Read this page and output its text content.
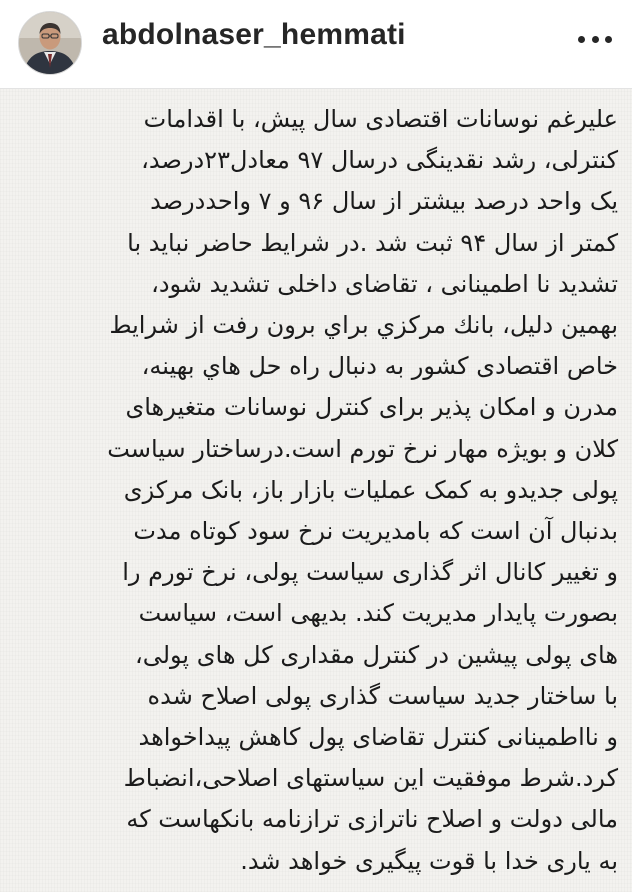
abdolnaser_hemmati
علیرغم نوسانات اقتصادی سال پیش، با اقدامات
کنترلی، رشد نقدینگی درسال ۹۷ معادل۲۳درصد،
یک واحد درصد بیشتر از سال ۹۶ و ۷ واحددرصد
کمتر از سال ۹۴ ثبت شد .در شرایط حاضر نباید با
تشدید نا اطمینانی ، تقاضای داخلی تشدید شود،
بهمین دلیل، بانك مركزي براي برون رفت از شرايط
خاص اقتصادی کشور به دنبال راه حل هاي بهينه،
مدرن و امکان پذیر برای کنترل نوسانات متغیرهای
کلان و بویژه مهار نرخ تورم است.درساختار سیاست
پولی جدیدو به کمک عملیات بازار باز، بانک مرکزی
بدنبال آن است که بامدیریت نرخ سود کوتاه مدت
و تغییر کانال اثر گذاری سیاست پولی، نرخ تورم را
بصورت پایدار مدیریت کند. بدیهی است، سیاست
های پولی پیشین در کنترل مقداری کل های پولی،
با ساختار جدید سیاست گذاری پولی اصلاح شده
و نااطمینانی کنترل تقاضای پول کاهش پیداخواهد
کرد.شرط موفقیت این سیاستهای اصلاحی،انضباط
مالی دولت و اصلاح ناترازی ترازنامه بانکهاست که
به یاری خدا با قوت پیگیری خواهد شد.
